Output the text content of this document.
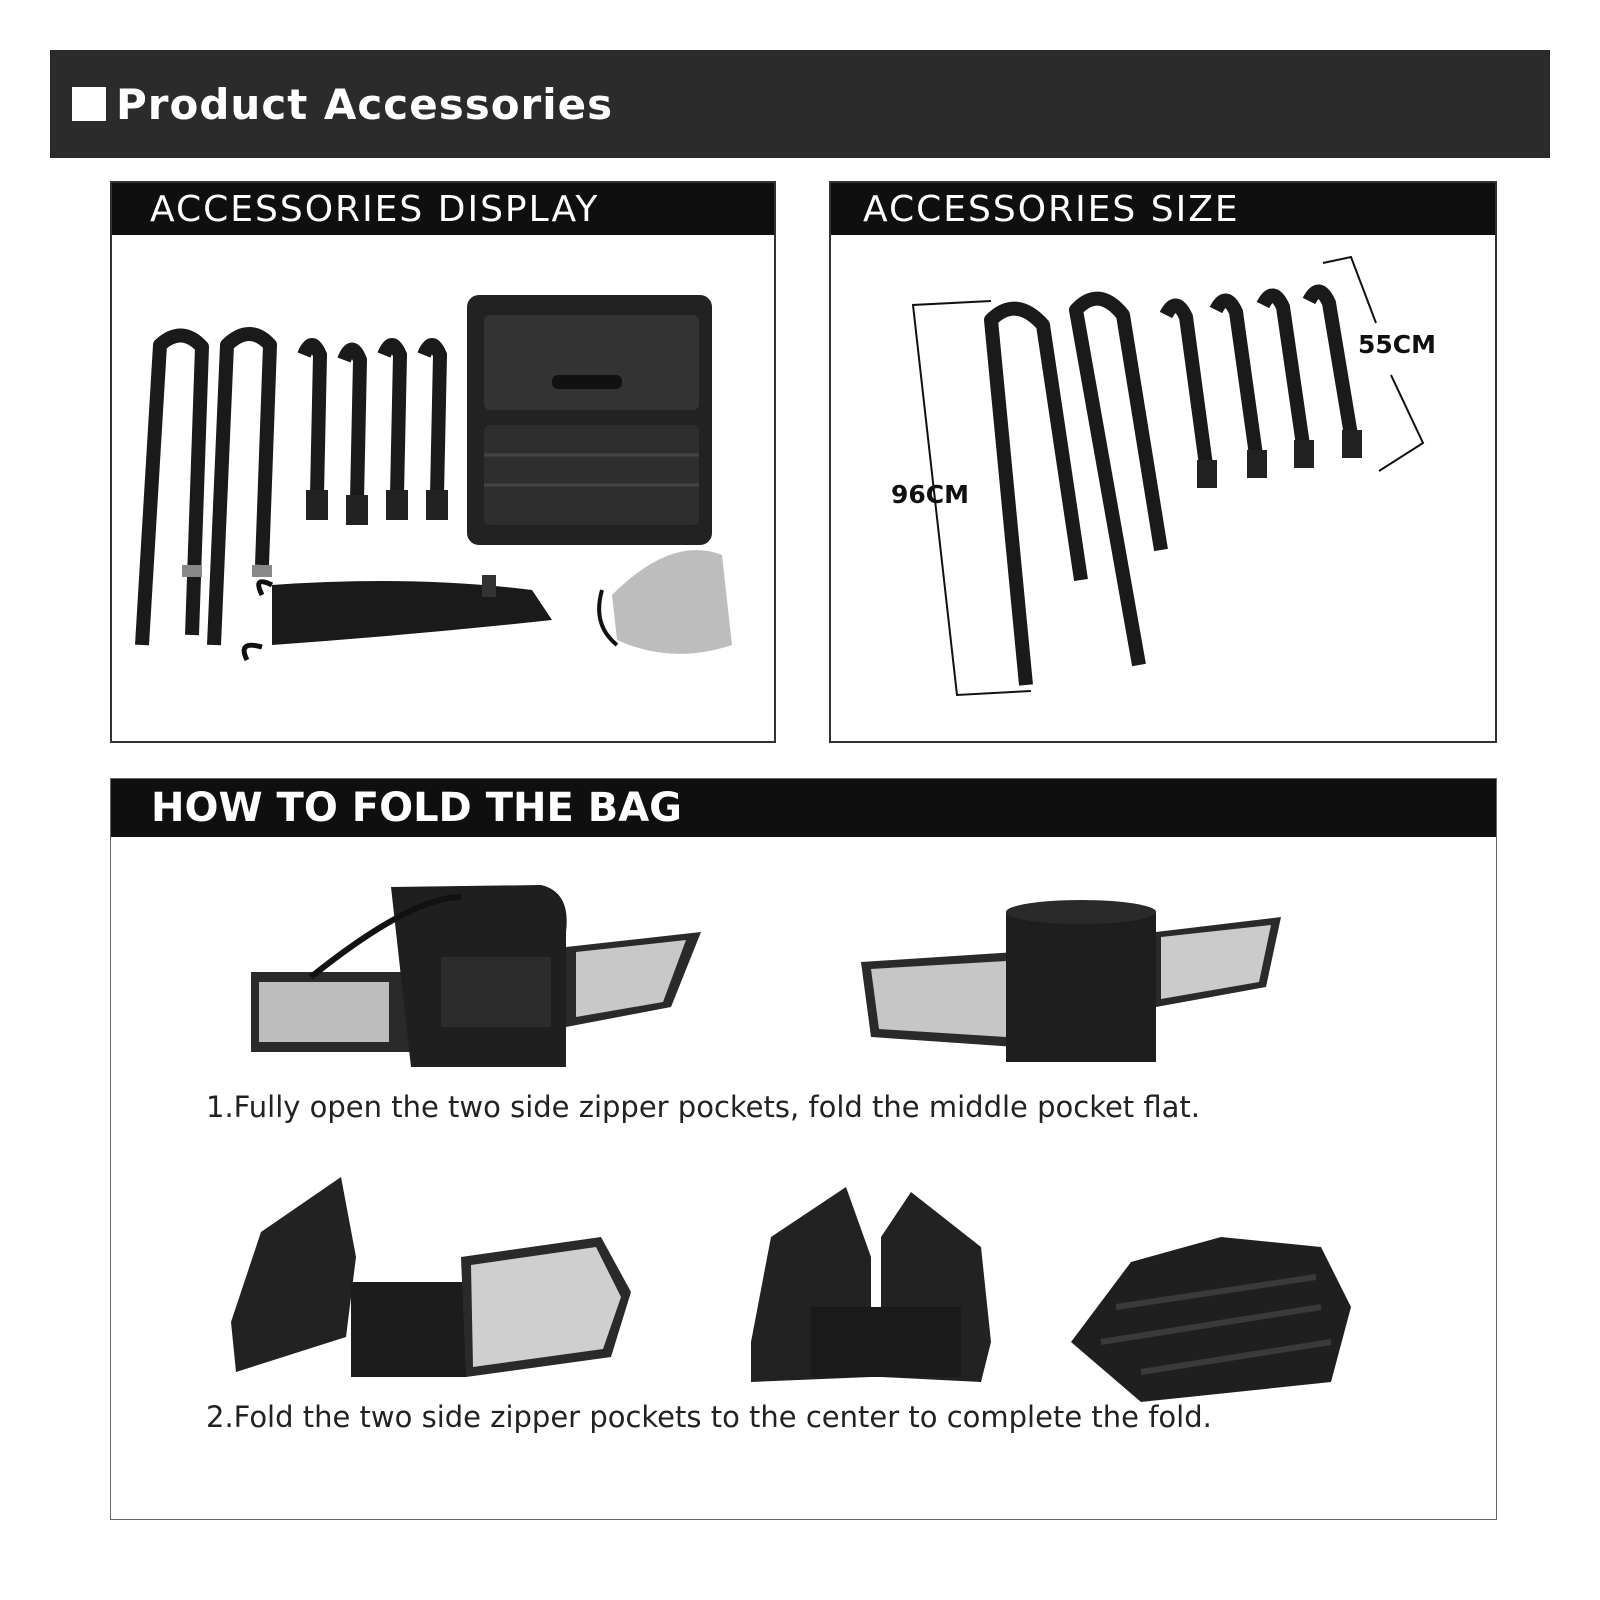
Product Accessories
ACCESSORIES DISPLAY	ACCESSORIES SIZE
96CM
55CM
HOW TO FOLD THE BAG
1.Fully open the two side zipper pockets, fold the middle pocket flat.
2.Fold the two side zipper pockets to the center to complete the fold.
